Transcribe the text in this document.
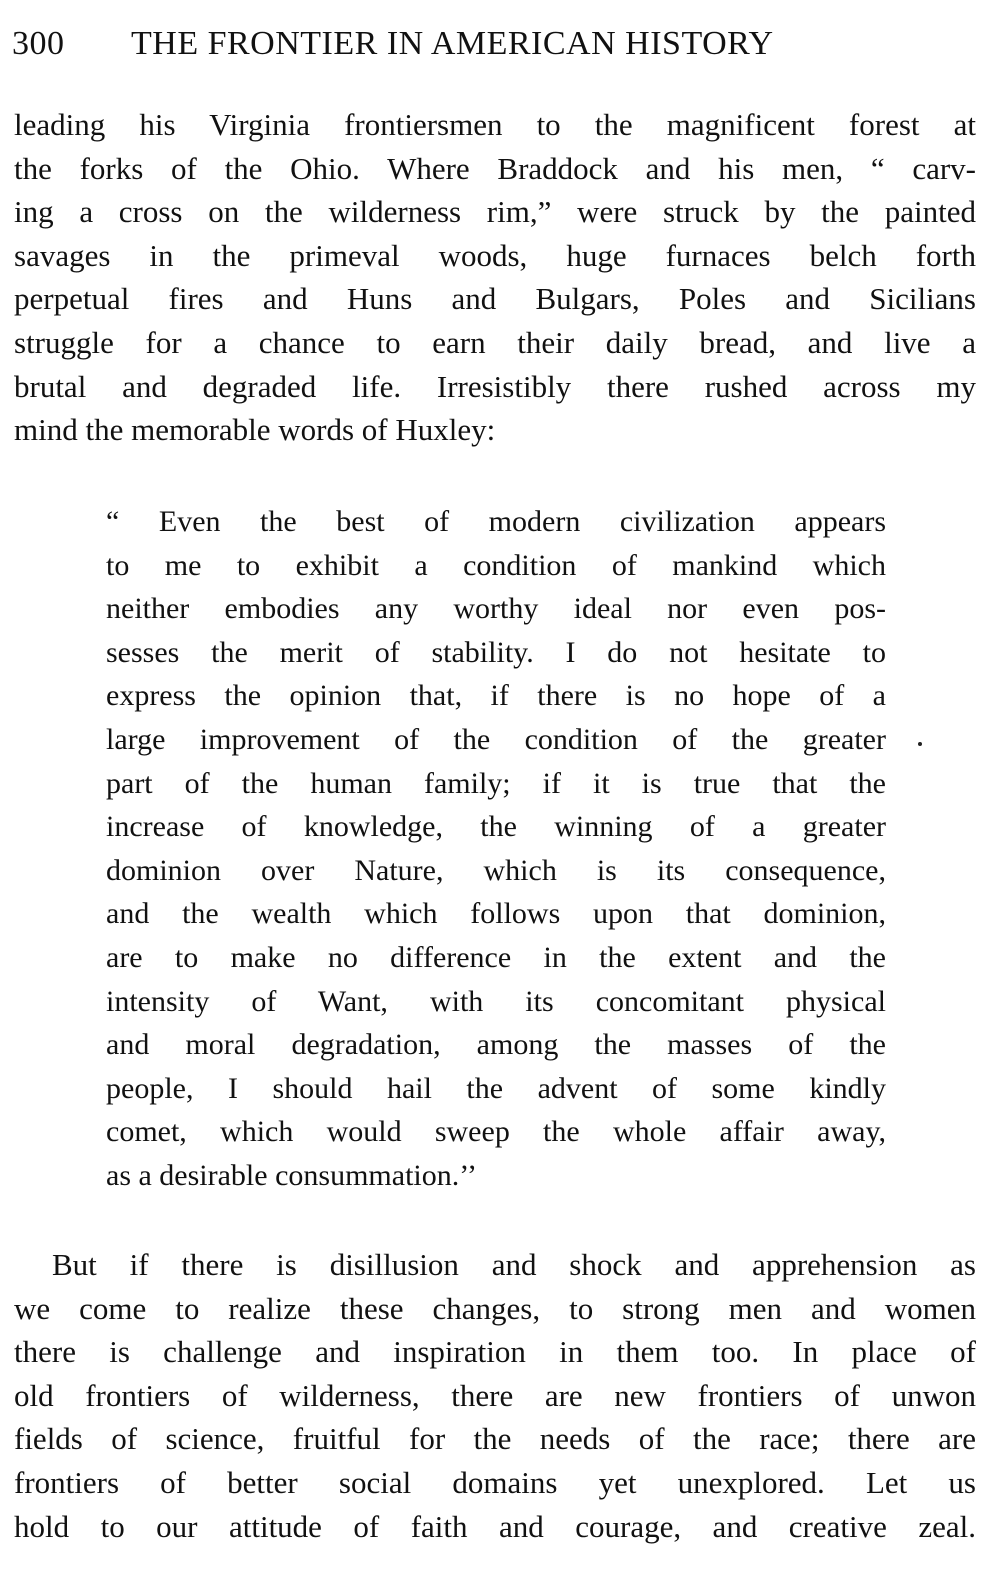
300 THE FRONTIER IN AMERICAN HISTORY
leading his Virginia frontiersmen to the magnificent forest at
the forks of the Ohio. Where Braddock and his men, “ carv-
ing a cross on the wilderness rim,” were struck by the painted
savages in the primeval woods, huge furnaces belch forth
perpetual fires and Huns and Bulgars, Poles and Sicilians
struggle for a chance to earn their daily bread, and live a
brutal and degraded life. Irresistibly there rushed across my
mind the memorable words of Huxley:
“ Even the best of modern civilization appears
to me to exhibit a condition of mankind which
neither embodies any worthy ideal nor even pos-
sesses the merit of stability. I do not hesitate to
express the opinion that, if there is no hope of a
large improvement of the condition of the greater
part of the human family; if it is true that the
increase of knowledge, the winning of a greater
dominion over Nature, which is its consequence,
and the wealth which follows upon that dominion,
are to make no difference in the extent and the
intensity of Want, with its concomitant physical
and moral degradation, among the masses of the
people, I should hail the advent of some kindly
comet, which would sweep the whole affair away,
as a desirable consummation.’’
But if there is disillusion and shock and apprehension as
we come to realize these changes, to strong men and women
there is challenge and inspiration in them too. In place of
old frontiers of wilderness, there are new frontiers of unwon
fields of science, fruitful for the needs of the race; there are
frontiers of better social domains yet unexplored. Let us
hold to our attitude of faith and courage, and creative zeal.
